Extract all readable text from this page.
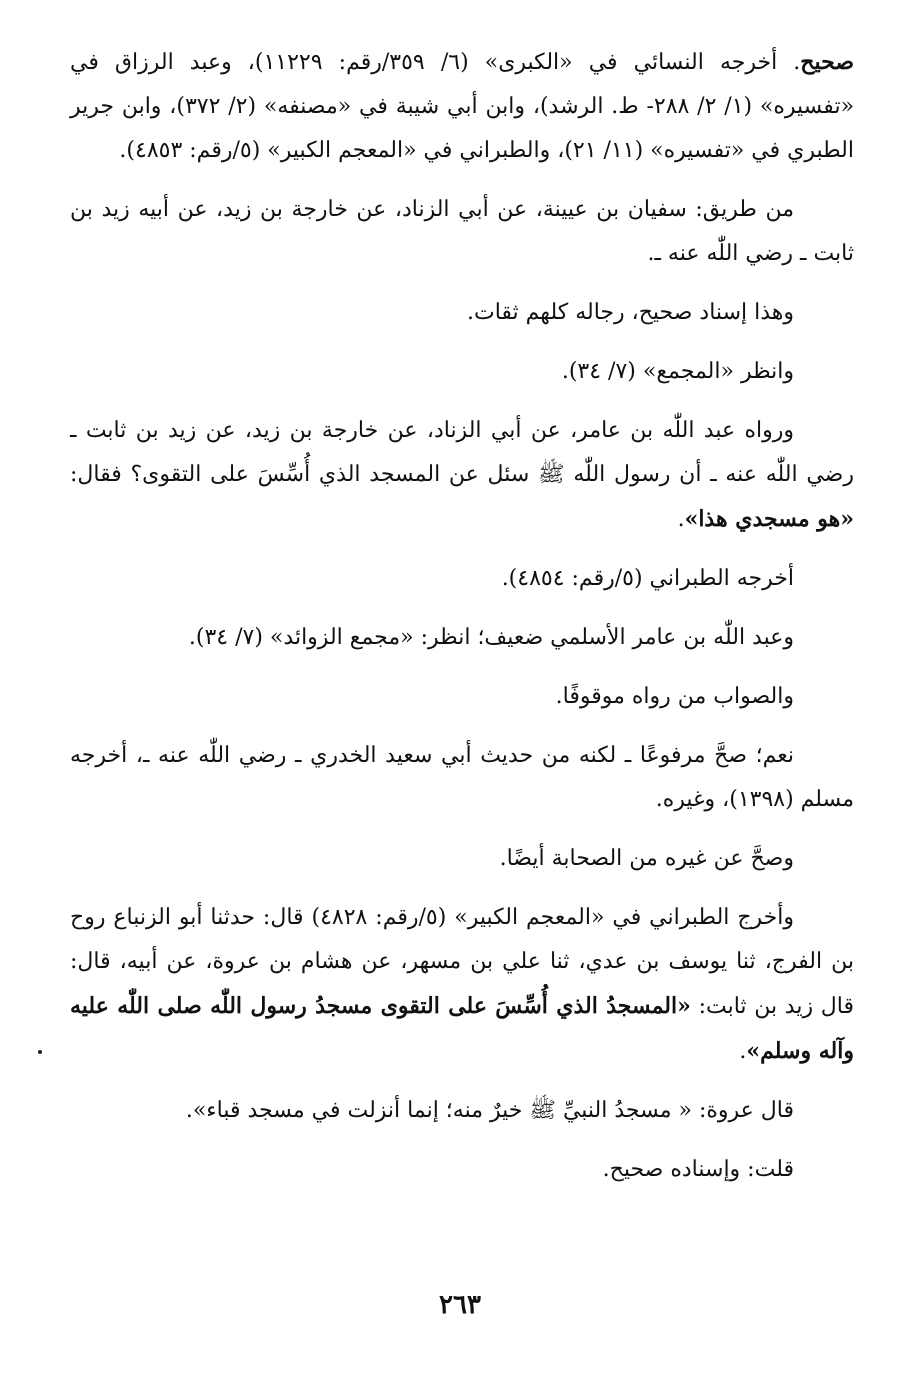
صحيح. أخرجه النسائي في «الكبرى» (٦/ ٣٥٩/رقم: ١١٢٢٩)، وعبد الرزاق في «تفسيره» (١/ ٢/ ٢٨٨- ط. الرشد)، وابن أبي شيبة في «مصنفه» (٢/ ٣٧٢)، وابن جرير الطبري في «تفسيره» (١١/ ٢١)، والطبراني في «المعجم الكبير» (٥/رقم: ٤٨٥٣).

من طريق: سفيان بن عيينة، عن أبي الزناد، عن خارجة بن زيد، عن أبيه زيد بن ثابت ـ رضي اللّٰه عنه ـ.

وهذا إسناد صحيح، رجاله كلهم ثقات.

وانظر «المجمع» (٧/ ٣٤).

ورواه عبد اللّٰه بن عامر، عن أبي الزناد، عن خارجة بن زيد، عن زيد بن ثابت ـ رضي اللّٰه عنه ـ أن رسول اللّٰه ﷺ سئل عن المسجد الذي أُسِّسَ على التقوى؟ فقال: «هو مسجدي هذا».

أخرجه الطبراني (٥/رقم: ٤٨٥٤).

وعبد اللّٰه بن عامر الأسلمي ضعيف؛ انظر: «مجمع الزوائد» (٧/ ٣٤).

والصواب من رواه موقوفًا.

نعم؛ صحَّ مرفوعًا ـ لكنه من حديث أبي سعيد الخدري ـ رضي اللّٰه عنه ـ، أخرجه مسلم (١٣٩٨)، وغيره.

وصحَّ عن غيره من الصحابة أيضًا.

وأخرج الطبراني في «المعجم الكبير» (٥/رقم: ٤٨٢٨) قال: حدثنا أبو الزنباع روح بن الفرج، ثنا يوسف بن عدي، ثنا علي بن مسهر، عن هشام بن عروة، عن أبيه، قال: قال زيد بن ثابت: «المسجدُ الذي أُسِّسَ على التقوى مسجدُ رسول اللّٰه صلى اللّٰه عليه وآله وسلم».

قال عروة: « مسجدُ النبيِّ ﷺ خيرٌ منه؛ إنما أنزلت في مسجد قباء».

قلت: وإسناده صحيح.

٢٦٣
